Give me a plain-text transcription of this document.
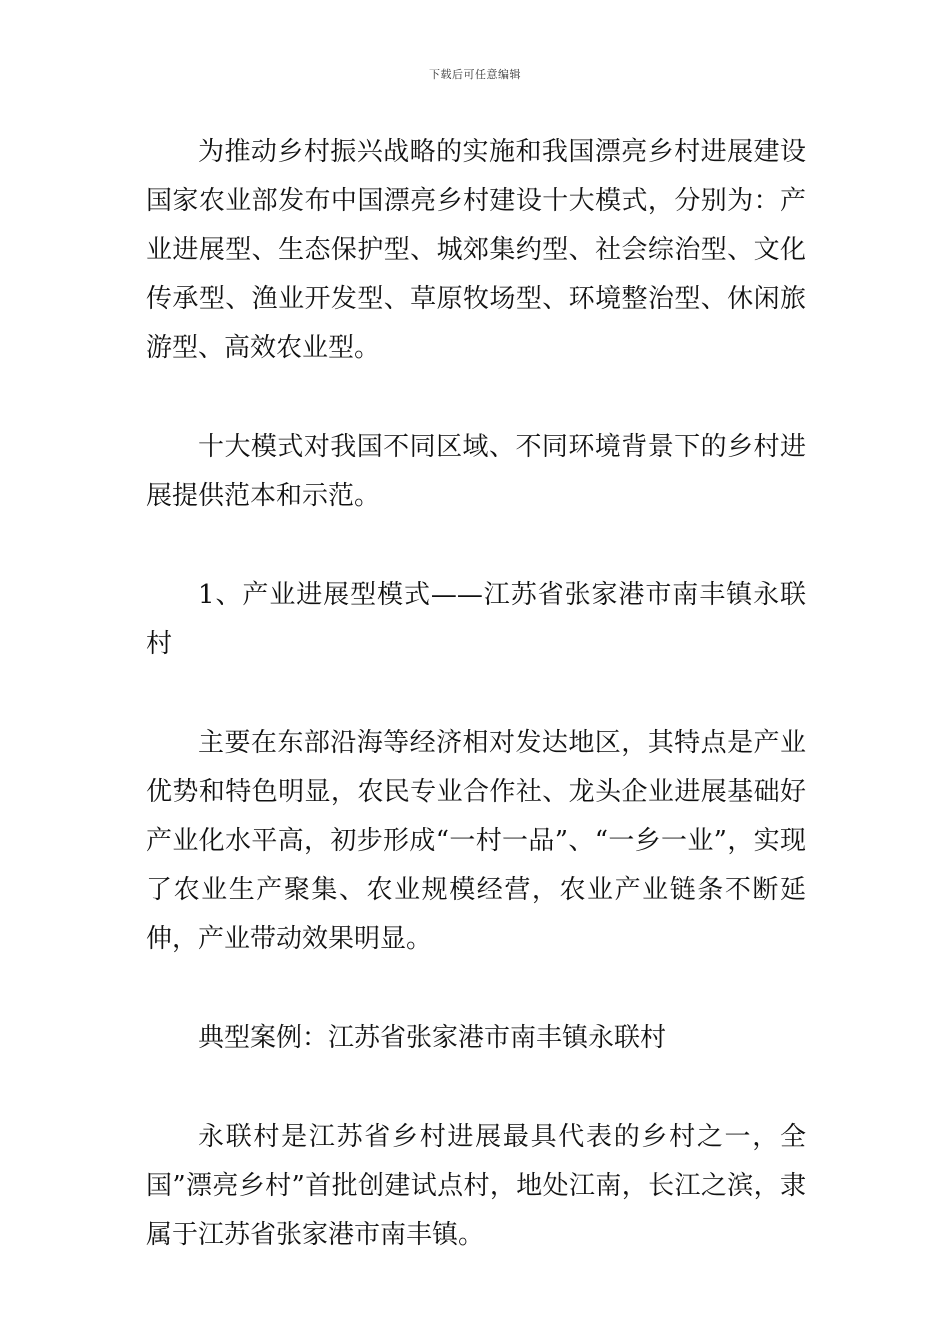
下载后可任意编辑

为推动乡村振兴战略的实施和我国漂亮乡村进展建设国家农业部发布中国漂亮乡村建设十大模式，分别为：产业进展型、生态保护型、城郊集约型、社会综治型、文化传承型、渔业开发型、草原牧场型、环境整治型、休闲旅游型、高效农业型。

十大模式对我国不同区域、不同环境背景下的乡村进展提供范本和示范。

1、产业进展型模式——江苏省张家港市南丰镇永联村

主要在东部沿海等经济相对发达地区，其特点是产业优势和特色明显，农民专业合作社、龙头企业进展基础好产业化水平高，初步形成“一村一品”、“一乡一业”，实现了农业生产聚集、农业规模经营，农业产业链条不断延伸，产业带动效果明显。

典型案例：江苏省张家港市南丰镇永联村

永联村是江苏省乡村进展最具代表的乡村之一，全国”漂亮乡村”首批创建试点村，地处江南，长江之滨，隶属于江苏省张家港市南丰镇。
